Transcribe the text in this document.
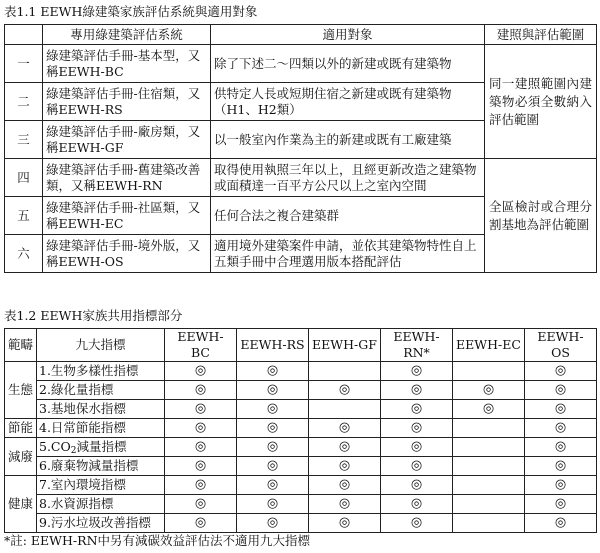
表1.1 EEWH綠建築家族評估系統與適用對象
	專用綠建築評估系統	適用對象	建照與評估範圍
一	綠建築評估手冊-基本型，又稱EEWH-BC	除了下述二～四類以外的新建或既有建築物	同一建照範圍內建築物必須全數納入評估範圍
二	綠建築評估手冊-住宿類，又稱EEWH-RS	供特定人長或短期住宿之新建或既有建築物（H1、H2類）	
三	綠建築評估手冊-廠房類，又稱EEWH-GF	以一般室內作業為主的新建或既有工廠建築	
四	綠建築評估手冊-舊建築改善類，又稱EEWH-RN	取得使用執照三年以上，且經更新改造之建築物或面積達一百平方公尺以上之室內空間	全區檢討或合理分割基地為評估範圍
五	綠建築評估手冊-社區類，又稱EEWH-EC	任何合法之複合建築群	
六	綠建築評估手冊-境外版，又稱EEWH-OS	適用境外建築案件申請，並依其建築物特性自上五類手冊中合理選用版本搭配評估	
表1.2 EEWH家族共用指標部分
範疇	九大指標	EEWH-BC	EEWH-RS	EEWH-GF	EEWH-RN*	EEWH-EC	EEWH-OS
生態	1.生物多樣性指標	◎	◎		◎		◎
	2.綠化量指標	◎	◎	◎	◎	◎	◎
	3.基地保水指標	◎	◎		◎	◎	◎
節能	4.日常節能指標	◎	◎	◎	◎		◎
減廢	$5.CO_2$減量指標	◎	◎	◎	◎		◎
	6.廢棄物減量指標	◎	◎	◎	◎		◎
健康	7.室內環境指標	◎	◎	◎	◎		◎
	8.水資源指標	◎	◎	◎	◎		◎
	9.污水垃圾改善指標	◎	◎	◎	◎		◎
*註: EEWH-RN中另有減碳效益評估法不適用九大指標
